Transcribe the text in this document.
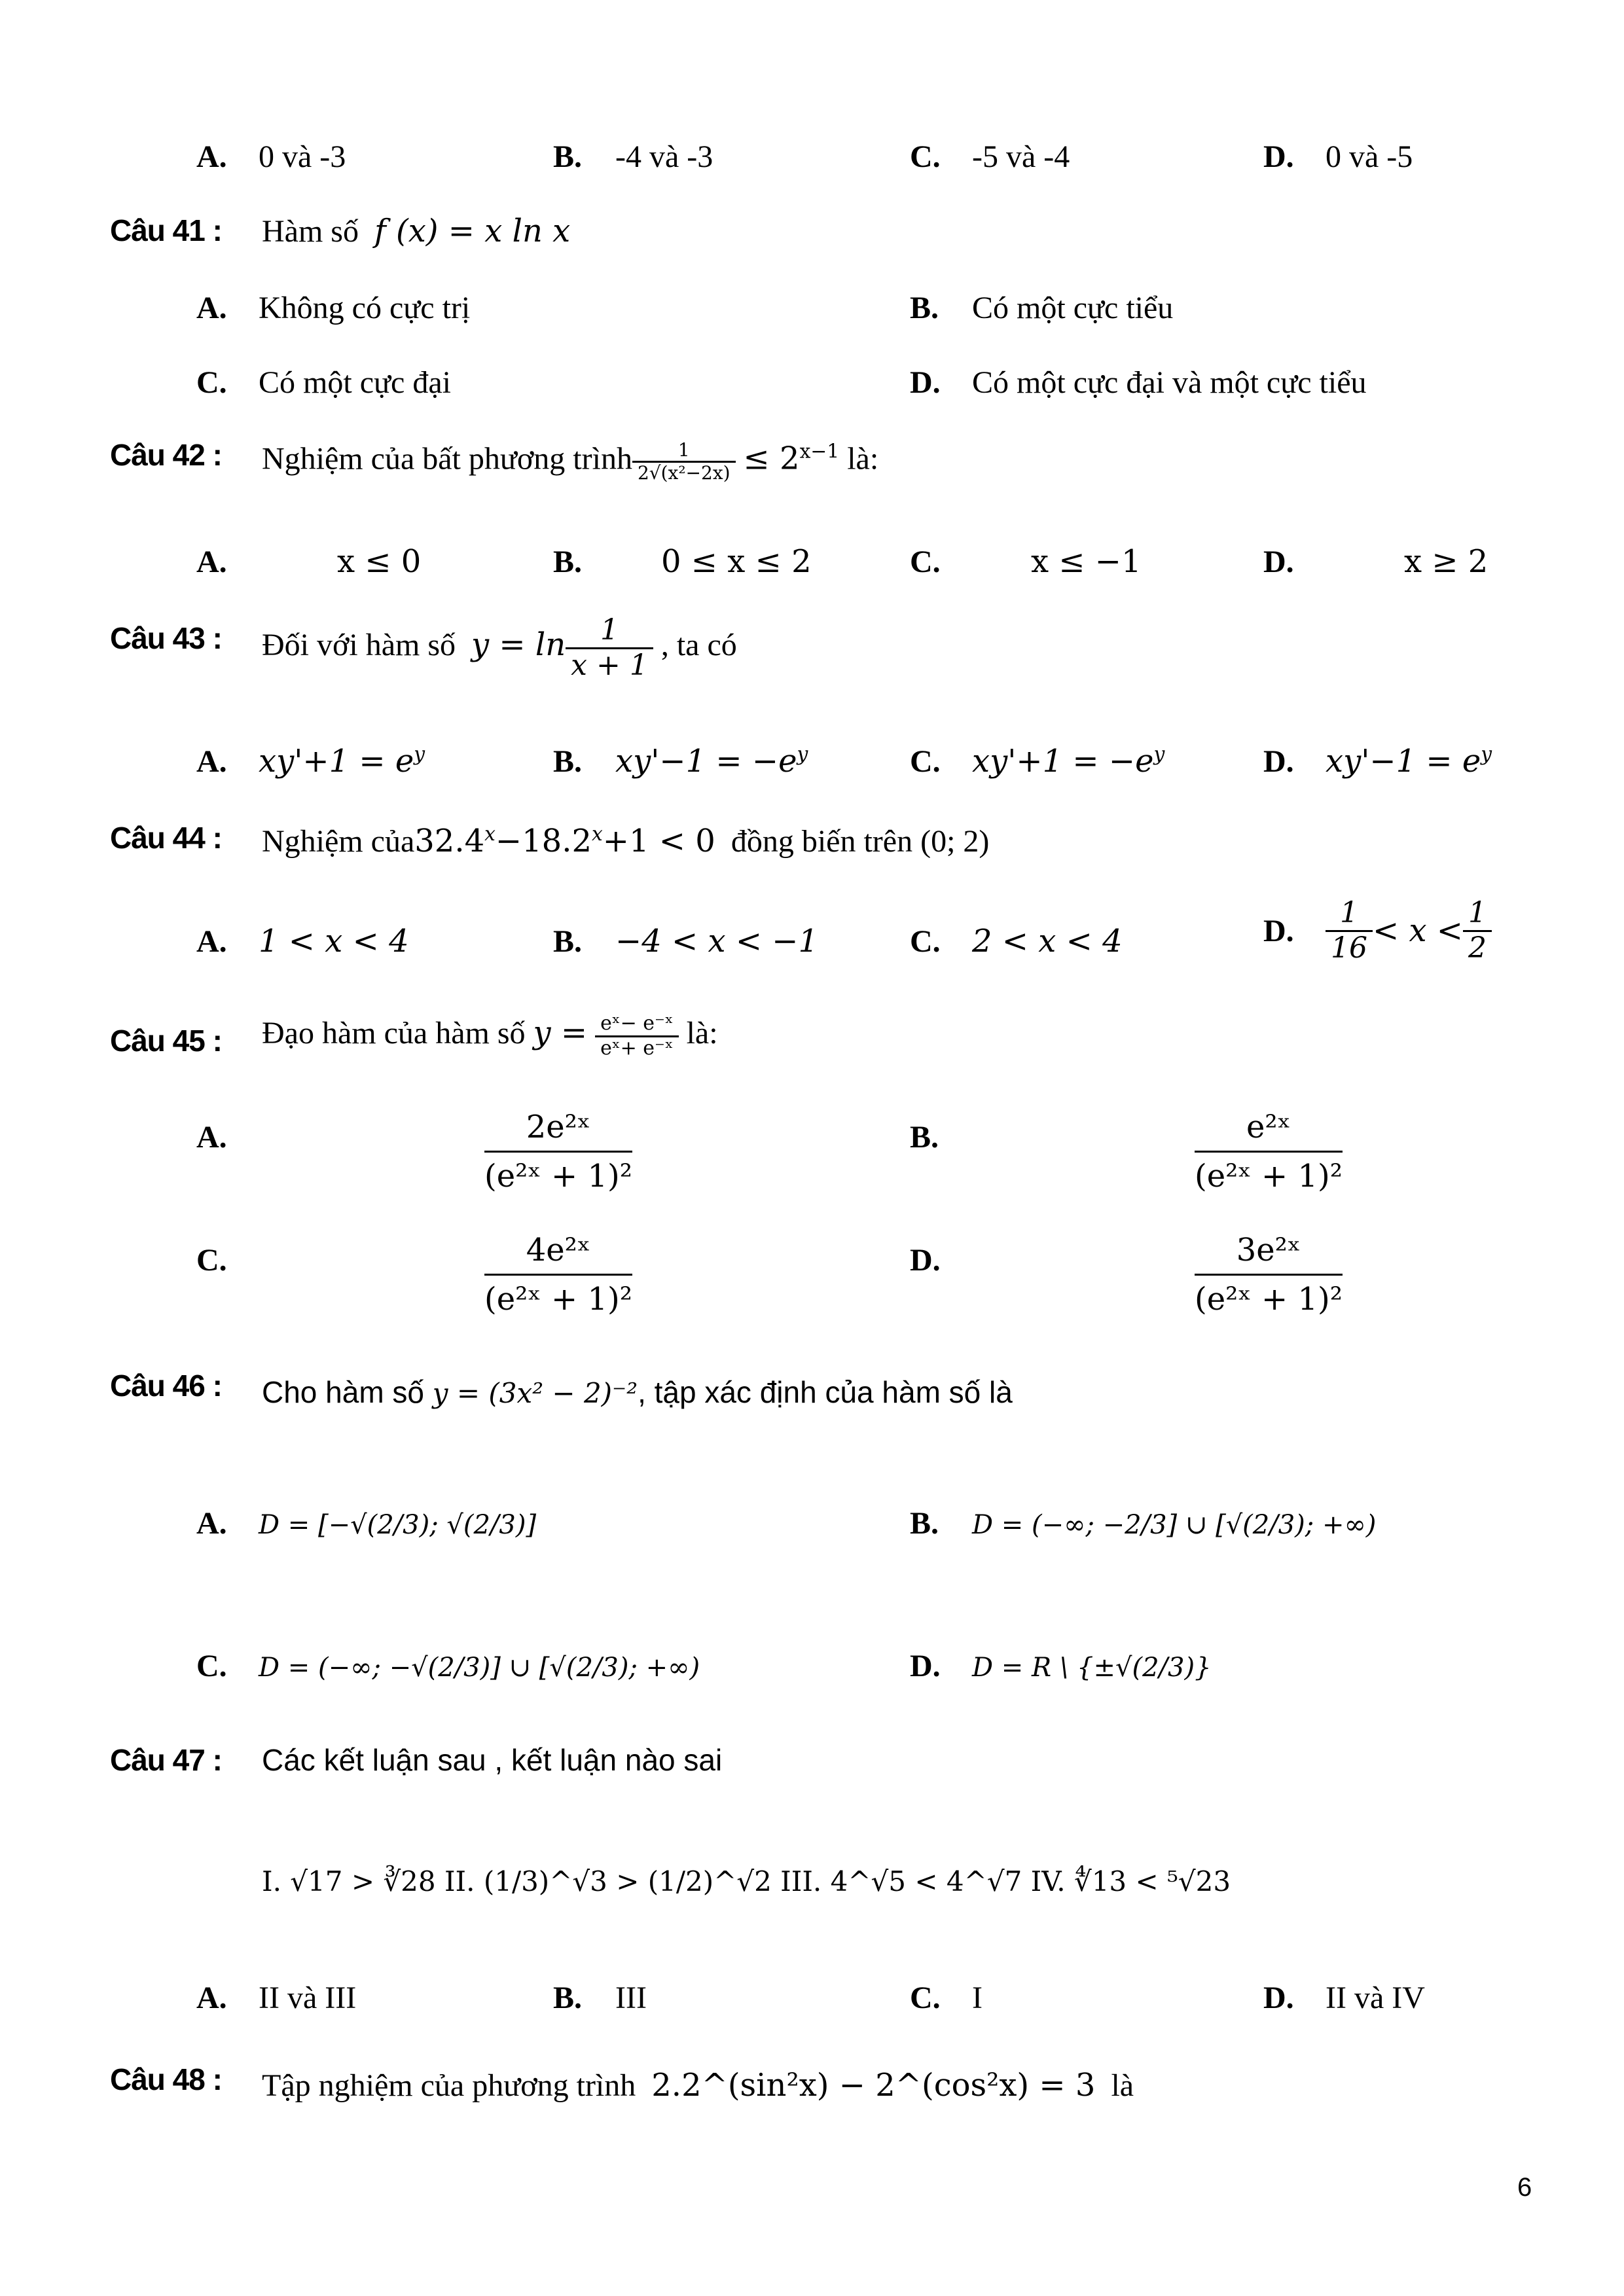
A. 0 và -3	B. -4 và -3	C. -5 và -4	D. 0 và -5
Câu 41 : Hàm số f (x) = x ln x
A. Không có cực trị	B. Có một cực tiểu
C. Có một cực đại	D. Có một cực đại và một cực tiểu
Câu 42 : Nghiệm của bất phương trình $\frac{1}{\text{2√(x²−2x)}} \le 2^{x-1}$ là:
A.	x ≤ 0	B.	0 ≤ x ≤ 2	C.	x ≤ −1	D.	x ≥ 2
Câu 43 : Đối với hàm số $y = \ln \frac{1}{x + 1}$ , ta có
A. $xy'+1 = e^y$	B. $xy'-1 = -e^y$	C. $xy'+1 = -e^y$	D. $xy'-1 = e^y$
Câu 44 : Nghiệm $của32.4^x-18.2^x+1 < 0$ đồng biến trên (0; 2)
A. 1 < x < 4	B. −4 < x < −1	C. 2 < x < 4	D. $\frac{1}{16} < x < \frac{1}{2}$
Câu 45 : Đạo hàm của hàm số $y = \frac{\text{eˣ− e⁻ˣ}}{\text{eˣ+ e⁻ˣ}}$ là:
A.	$\frac{\text{2e²ˣ}}{\text{(e²ˣ + 1)²}}$	B.	$\frac{\text{e²ˣ}}{\text{(e²ˣ + 1)²}}$
C.	$\frac{\text{4e²ˣ}}{\text{(e²ˣ + 1)²}}$	D.	$\frac{\text{3e²ˣ}}{\text{(e²ˣ + 1)²}}$
Câu 46 : Cho hàm số y = (3x² − 2)⁻², tập xác định của hàm số là
A. D = [−√(2/3); √(2/3)]	B. D = (−∞; −2/3] ∪ [√(2/3); +∞)
C. D = (−∞; −√(2/3)] ∪ [√(2/3); +∞)	D. D = R \ {±√(2/3)}
Câu 47 : Các kết luận sau , kết luận nào sai
I. √17 > ∛28 II. (1/3)^√3 > (1/2)^√2 III. 4^√5 < 4^√7 IV. ∜13 < ⁵√23
A. II và III	B. III	C. I	D. II và IV
Câu 48 : Tập nghiệm của phương trình 2.2^(sin²x) − 2^(cos²x) = 3 là
6
